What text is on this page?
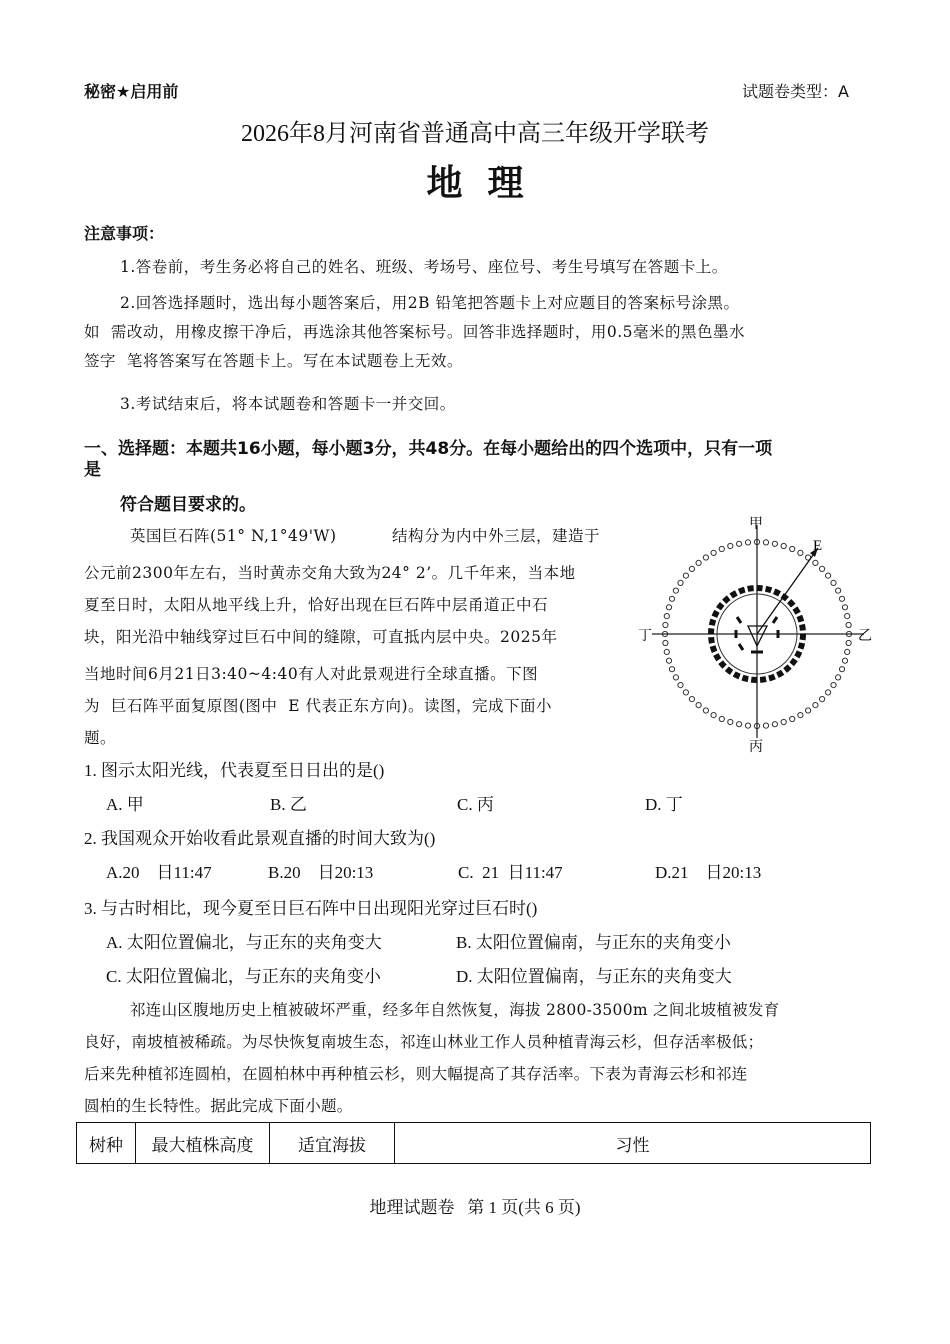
秘密★启用前	试题卷类型：A
2026年8月河南省普通高中高三年级开学联考
地  理
注意事项：
1.答卷前，考生务必将自己的姓名、班级、考场号、座位号、考生号填写在答题卡上。
2.回答选择题时，选出每小题答案后，用2B 铅笔把答题卡上对应题目的答案标号涂黑。
如  需改动，用橡皮擦干净后，再选涂其他答案标号。回答非选择题时，用0.5毫米的黑色墨水
签字  笔将答案写在答题卡上。写在本试题卷上无效。
3.考试结束后，将本试题卷和答题卡一并交回。
一、选择题：本题共16小题，每小题3分，共48分。在每小题给出的四个选项中，只有一项
是
符合题目要求的。
英国巨石阵(51° N,1°49'W)	结构分为内中外三层，建造于
公元前2300年左右，当时黄赤交角大致为24° 2’。几千年来，当本地
夏至日时，太阳从地平线上升，恰好出现在巨石阵中层甬道正中石
块，阳光沿中轴线穿过巨石中间的缝隙，可直抵内层中央。2025年
当地时间6月21日3:40~4:40有人对此景观进行全球直播。下图
为  巨石阵平面复原图(图中  E 代表正东方向)。读图，完成下面小
题。
E
甲
乙
丙
丁
1. 图示太阳光线，代表夏至日日出的是()
A. 甲	B. 乙	C. 丙	D. 丁
2. 我国观众开始收看此景观直播的时间大致为()
A.20    日11:47	B.20    日20:13	C.  21  日11:47	D.21    日20:13
3. 与古时相比，现今夏至日巨石阵中日出现阳光穿过巨石时()
A. 太阳位置偏北，与正东的夹角变大	B. 太阳位置偏南，与正东的夹角变小
C. 太阳位置偏北，与正东的夹角变小	D. 太阳位置偏南，与正东的夹角变大
祁连山区腹地历史上植被破坏严重，经多年自然恢复，海拔 2800-3500m 之间北坡植被发育
良好，南坡植被稀疏。为尽快恢复南坡生态，祁连山林业工作人员种植青海云杉，但存活率极低；
后来先种植祁连圆柏，在圆柏林中再种植云杉，则大幅提高了其存活率。下表为青海云杉和祁连
圆柏的生长特性。据此完成下面小题。
树种	最大植株高度	适宜海拔	习性
地理试题卷   第 1 页(共 6 页)
